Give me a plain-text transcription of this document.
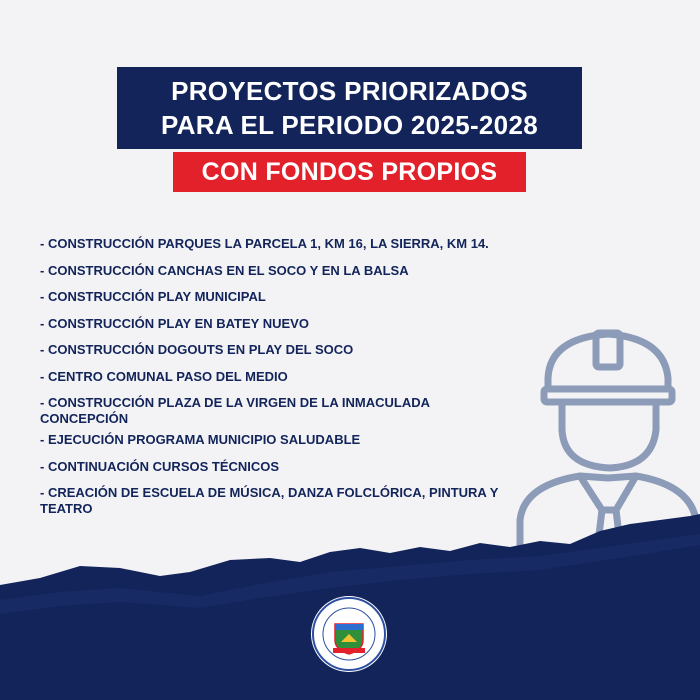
PROYECTOS PRIORIZADOS
PARA EL PERIODO 2025-2028
CON FONDOS PROPIOS
- CONSTRUCCIÓN PARQUES LA PARCELA 1, KM 16, LA SIERRA, KM 14.
- CONSTRUCCIÓN CANCHAS EN EL SOCO Y EN LA BALSA
- CONSTRUCCIÓN PLAY MUNICIPAL
- CONSTRUCCIÓN PLAY EN BATEY NUEVO
- CONSTRUCCIÓN DOGOUTS EN PLAY DEL SOCO
- CENTRO COMUNAL PASO DEL MEDIO
- CONSTRUCCIÓN PLAZA DE LA VIRGEN DE LA INMACULADA CONCEPCIÓN
- EJECUCIÓN PROGRAMA MUNICIPIO SALUDABLE
- CONTINUACIÓN CURSOS TÉCNICOS
- CREACIÓN DE ESCUELA DE MÚSICA, DANZA FOLCLÓRICA, PINTURA Y TEATRO
